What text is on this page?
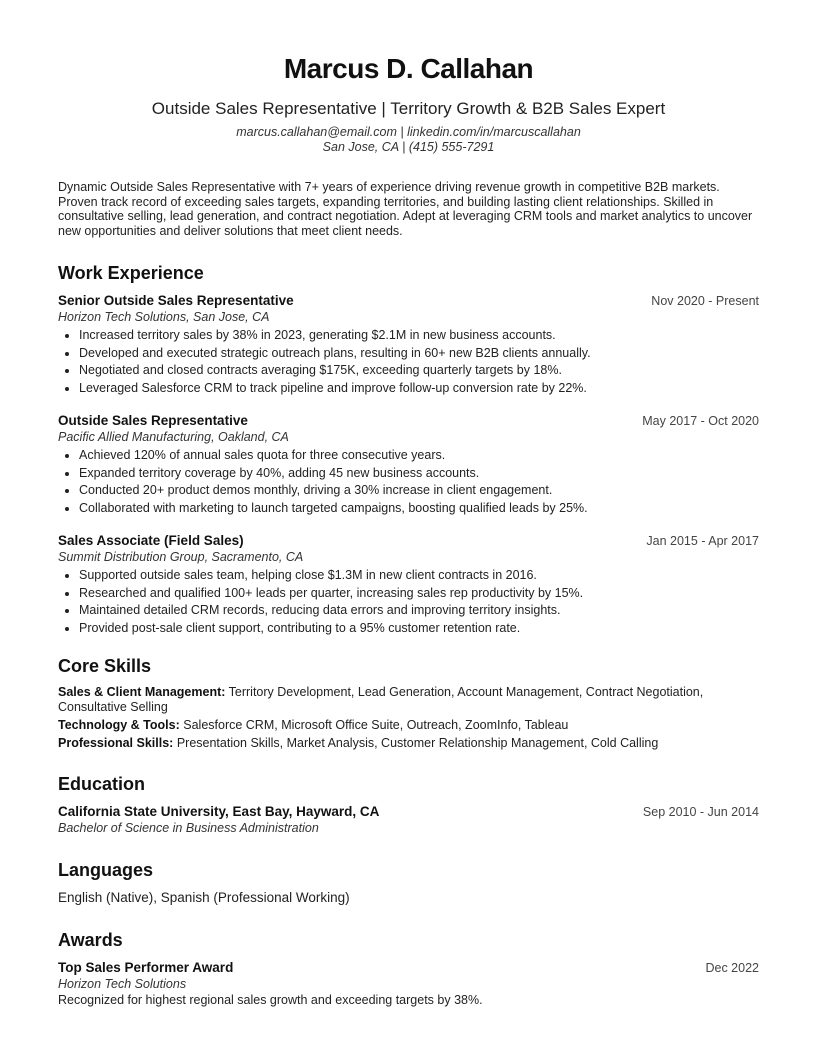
Marcus D. Callahan
Outside Sales Representative | Territory Growth & B2B Sales Expert
marcus.callahan@email.com | linkedin.com/in/marcuscallahan
San Jose, CA | (415) 555-7291
Dynamic Outside Sales Representative with 7+ years of experience driving revenue growth in competitive B2B markets. Proven track record of exceeding sales targets, expanding territories, and building lasting client relationships. Skilled in consultative selling, lead generation, and contract negotiation. Adept at leveraging CRM tools and market analytics to uncover new opportunities and deliver solutions that meet client needs.
Work Experience
Senior Outside Sales Representative	Nov 2020 - Present
Horizon Tech Solutions, San Jose, CA
• Increased territory sales by 38% in 2023, generating $2.1M in new business accounts.
• Developed and executed strategic outreach plans, resulting in 60+ new B2B clients annually.
• Negotiated and closed contracts averaging $175K, exceeding quarterly targets by 18%.
• Leveraged Salesforce CRM to track pipeline and improve follow-up conversion rate by 22%.
Outside Sales Representative	May 2017 - Oct 2020
Pacific Allied Manufacturing, Oakland, CA
• Achieved 120% of annual sales quota for three consecutive years.
• Expanded territory coverage by 40%, adding 45 new business accounts.
• Conducted 20+ product demos monthly, driving a 30% increase in client engagement.
• Collaborated with marketing to launch targeted campaigns, boosting qualified leads by 25%.
Sales Associate (Field Sales)	Jan 2015 - Apr 2017
Summit Distribution Group, Sacramento, CA
• Supported outside sales team, helping close $1.3M in new client contracts in 2016.
• Researched and qualified 100+ leads per quarter, increasing sales rep productivity by 15%.
• Maintained detailed CRM records, reducing data errors and improving territory insights.
• Provided post-sale client support, contributing to a 95% customer retention rate.
Core Skills
Sales & Client Management: Territory Development, Lead Generation, Account Management, Contract Negotiation, Consultative Selling
Technology & Tools: Salesforce CRM, Microsoft Office Suite, Outreach, ZoomInfo, Tableau
Professional Skills: Presentation Skills, Market Analysis, Customer Relationship Management, Cold Calling
Education
California State University, East Bay, Hayward, CA	Sep 2010 - Jun 2014
Bachelor of Science in Business Administration
Languages
English (Native), Spanish (Professional Working)
Awards
Top Sales Performer Award	Dec 2022
Horizon Tech Solutions
Recognized for highest regional sales growth and exceeding targets by 38%.
